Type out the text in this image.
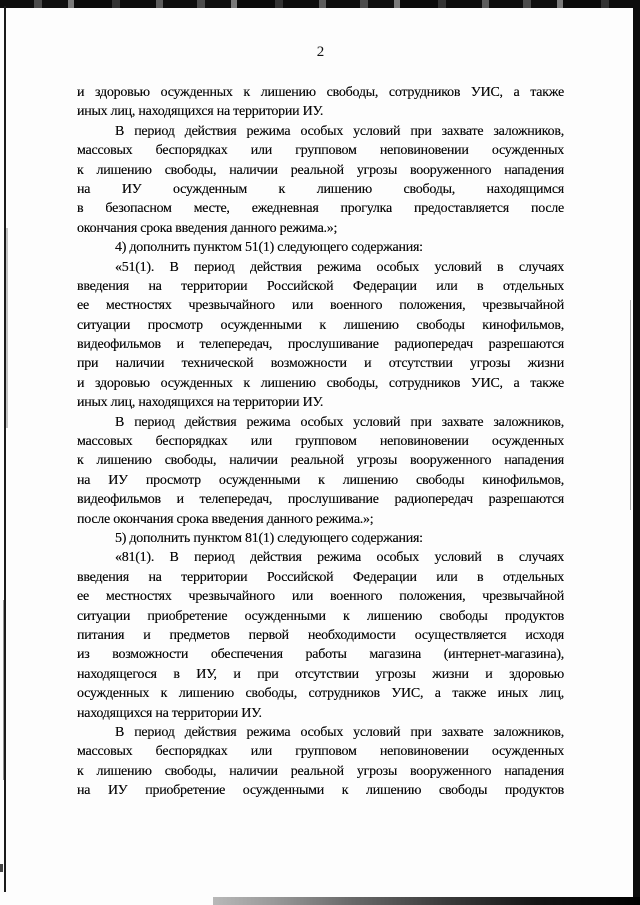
2
и здоровью осужденных к лишению свободы, сотрудников УИС, а также
иных лиц, находящихся на территории ИУ.
В период действия режима особых условий при захвате заложников,
массовых беспорядках или групповом неповиновении осужденных
к лишению свободы, наличии реальной угрозы вооруженного нападения
на ИУ осужденным к лишению свободы, находящимся
в безопасном месте, ежедневная прогулка предоставляется после
окончания срока введения данного режима.»;
4) дополнить пунктом 51(1) следующего содержания:
«51(1). В период действия режима особых условий в случаях
введения на территории Российской Федерации или в отдельных
ее местностях чрезвычайного или военного положения, чрезвычайной
ситуации просмотр осужденными к лишению свободы кинофильмов,
видеофильмов и телепередач, прослушивание радиопередач разрешаются
при наличии технической возможности и отсутствии угрозы жизни
и здоровью осужденных к лишению свободы, сотрудников УИС, а также
иных лиц, находящихся на территории ИУ.
В период действия режима особых условий при захвате заложников,
массовых беспорядках или групповом неповиновении осужденных
к лишению свободы, наличии реальной угрозы вооруженного нападения
на ИУ просмотр осужденными к лишению свободы кинофильмов,
видеофильмов и телепередач, прослушивание радиопередач разрешаются
после окончания срока введения данного режима.»;
5) дополнить пунктом 81(1) следующего содержания:
«81(1). В период действия режима особых условий в случаях
введения на территории Российской Федерации или в отдельных
ее местностях чрезвычайного или военного положения, чрезвычайной
ситуации приобретение осужденными к лишению свободы продуктов
питания и предметов первой необходимости осуществляется исходя
из возможности обеспечения работы магазина (интернет-магазина),
находящегося в ИУ, и при отсутствии угрозы жизни и здоровью
осужденных к лишению свободы, сотрудников УИС, а также иных лиц,
находящихся на территории ИУ.
В период действия режима особых условий при захвате заложников,
массовых беспорядках или групповом неповиновении осужденных
к лишению свободы, наличии реальной угрозы вооруженного нападения
на ИУ приобретение осужденными к лишению свободы продуктов
